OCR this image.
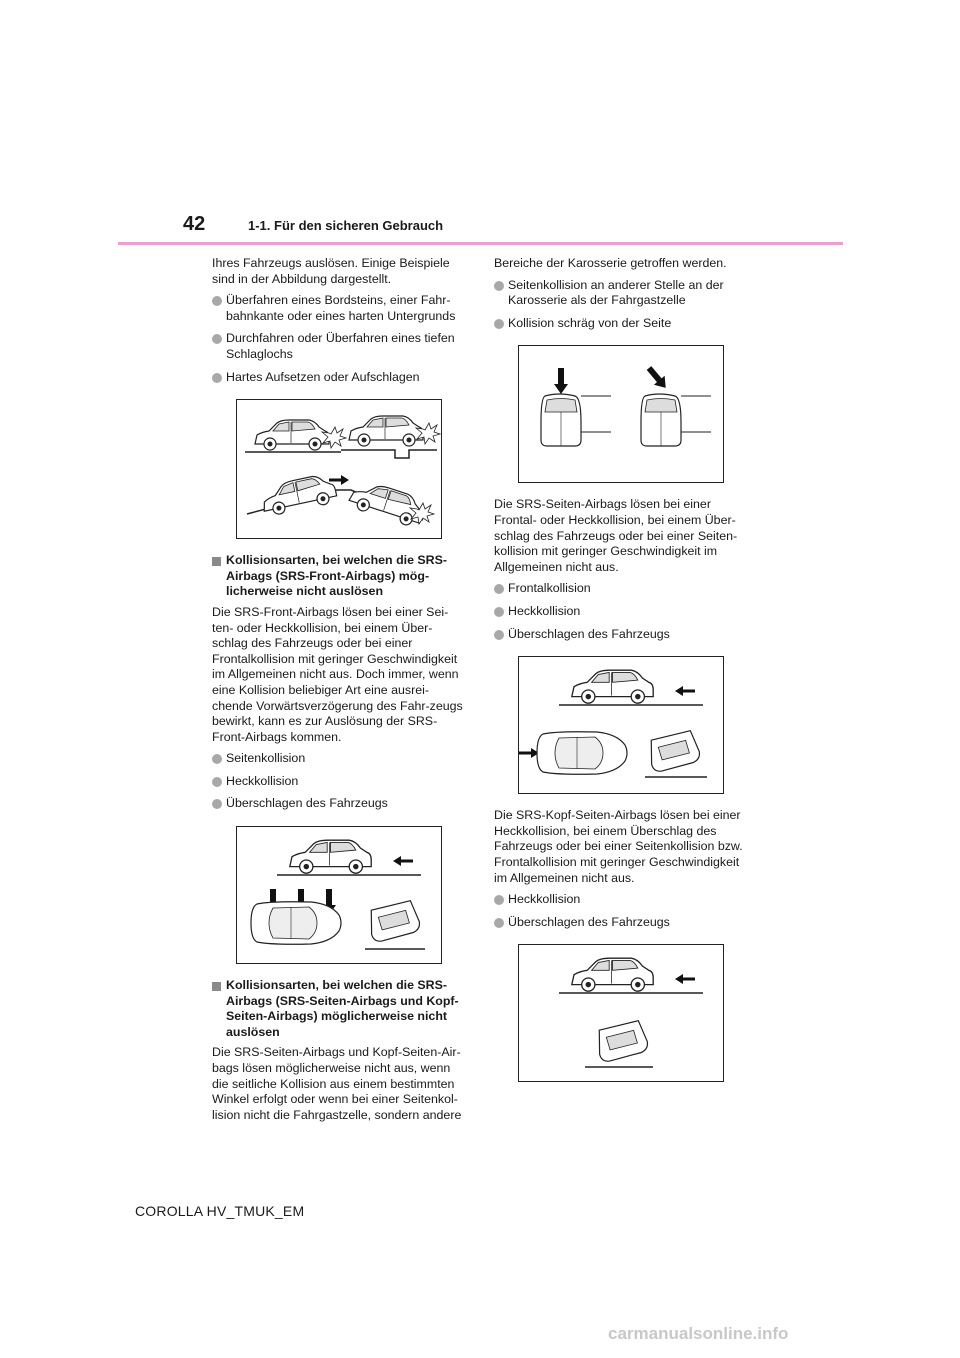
42	1-1. Für den sicheren Gebrauch

Ihres Fahrzeugs auslösen. Einige Beispiele sind in der Abbildung dargestellt.

Überfahren eines Bordsteins, einer Fahr-bahnkante oder eines harten Untergrunds
Durchfahren oder Überfahren eines tiefen Schlaglochs
Hartes Aufsetzen oder Aufschlagen
Kollisionsarten, bei welchen die SRS-Airbags (SRS-Front-Airbags) mög-licherweise nicht auslösen

Die SRS-Front-Airbags lösen bei einer Sei-ten- oder Heckkollision, bei einem Über-schlag des Fahrzeugs oder bei einer Frontalkollision mit geringer Geschwindigkeit im Allgemeinen nicht aus. Doch immer, wenn eine Kollision beliebiger Art eine ausrei-chende Vorwärtsverzögerung des Fahr-zeugs bewirkt, kann es zur Auslösung der SRS-Front-Airbags kommen.

Seitenkollision
Heckkollision
Überschlagen des Fahrzeugs
Kollisionsarten, bei welchen die SRS-Airbags (SRS-Seiten-Airbags und Kopf-Seiten-Airbags) möglicherweise nicht auslösen

Die SRS-Seiten-Airbags und Kopf-Seiten-Air-bags lösen möglicherweise nicht aus, wenn die seitliche Kollision aus einem bestimmten Winkel erfolgt oder wenn bei einer Seitenkol-lision nicht die Fahrgastzelle, sondern andere

Bereiche der Karosserie getroffen werden.

Seitenkollision an anderer Stelle an der Karosserie als der Fahrgastzelle
Kollision schräg von der Seite

Die SRS-Seiten-Airbags lösen bei einer Frontal- oder Heckkollision, bei einem Über-schlag des Fahrzeugs oder bei einer Seiten-kollision mit geringer Geschwindigkeit im Allgemeinen nicht aus.

Frontalkollision
Heckkollision
Überschlagen des Fahrzeugs

Die SRS-Kopf-Seiten-Airbags lösen bei einer Heckkollision, bei einem Überschlag des Fahrzeugs oder bei einer Seitenkollision bzw. Frontalkollision mit geringer Geschwindigkeit im Allgemeinen nicht aus.

Heckkollision
Überschlagen des Fahrzeugs
COROLLA HV_TMUK_EM
carmanualsonline.info
